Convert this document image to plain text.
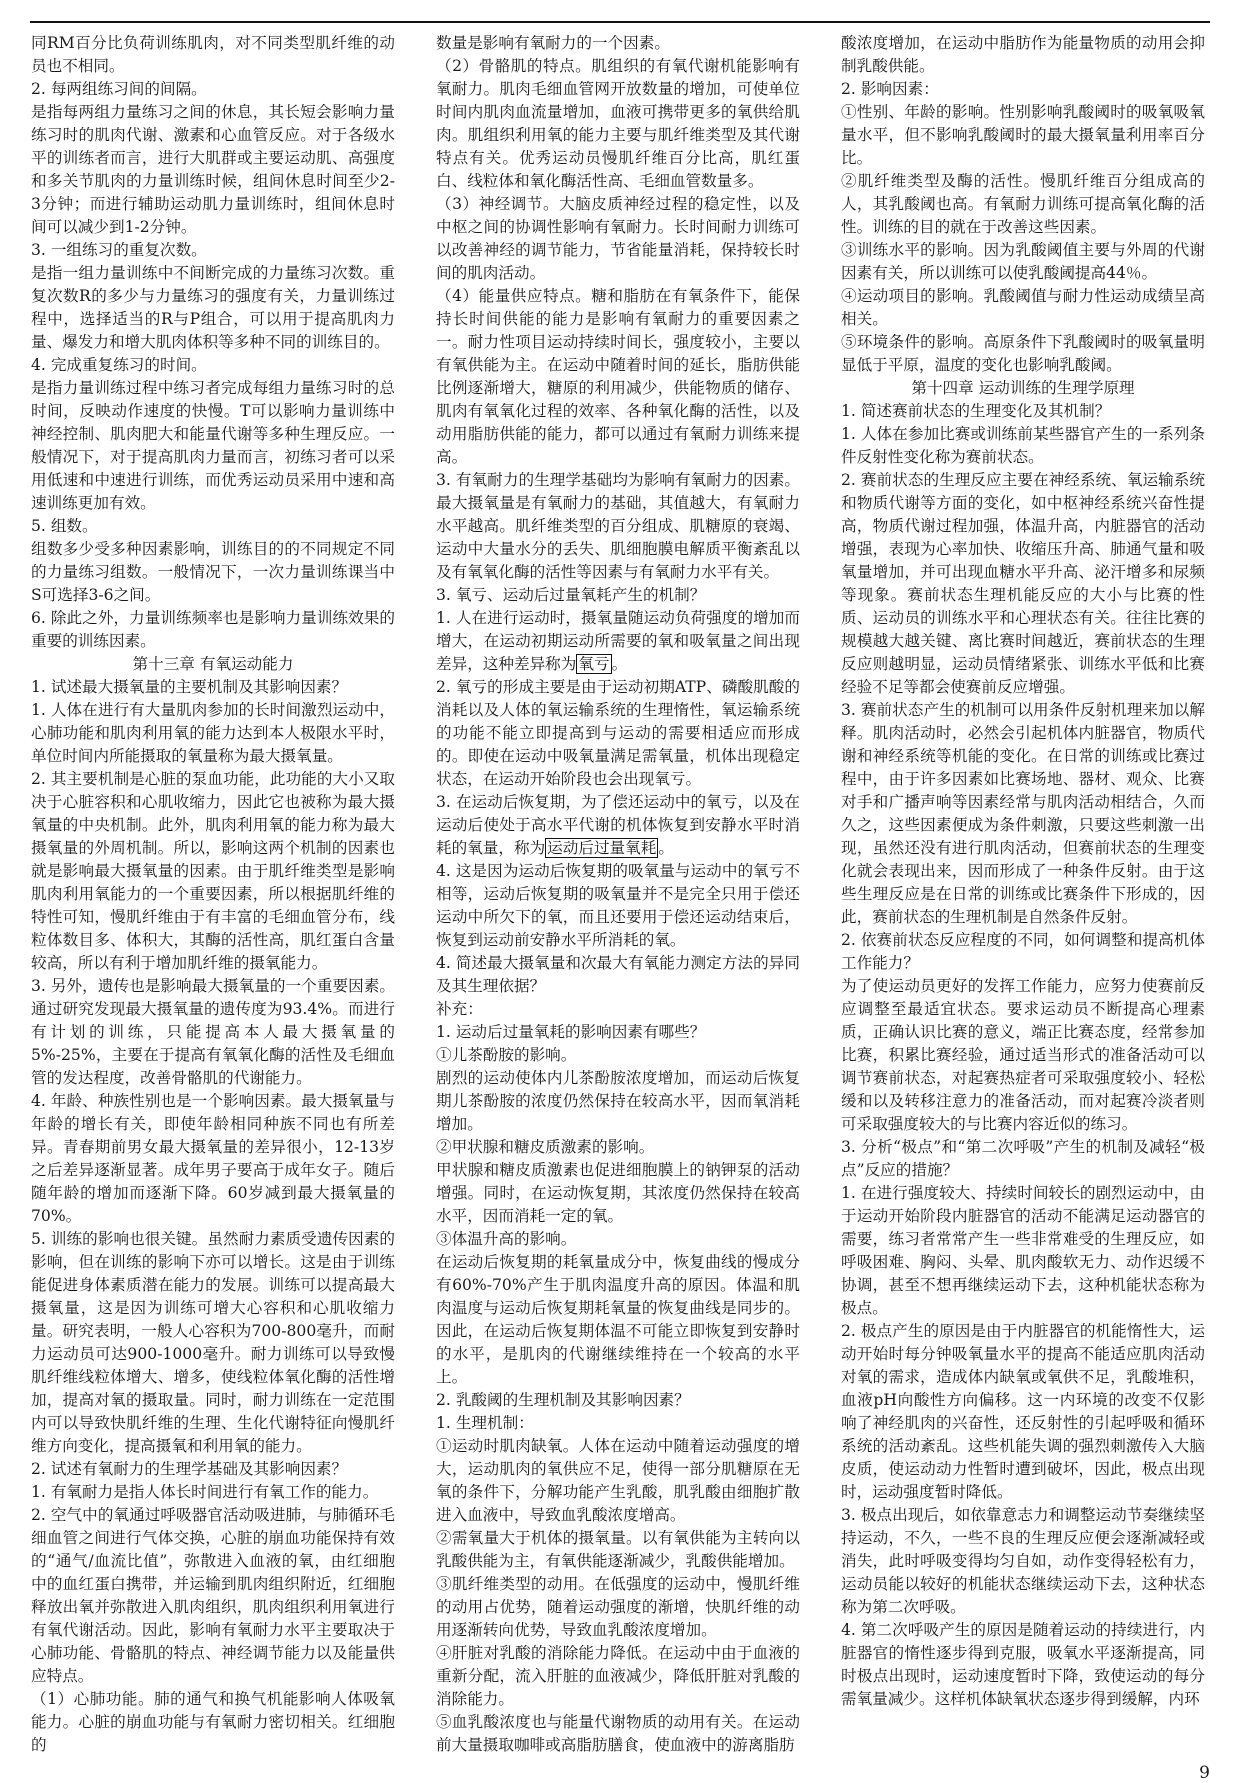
同RM百分比负荷训练肌肉，对不同类型肌纤维的动员也不相同。

2. 每两组练习间的间隔。

是指每两组力量练习之间的休息，其长短会影响力量练习时的肌肉代谢、激素和心血管反应。对于各级水平的训练者而言，进行大肌群或主要运动肌、高强度和多关节肌肉的力量训练时候，组间休息时间至少2-3分钟；而进行辅助运动肌力量训练时，组间休息时间可以减少到1-2分钟。

3. 一组练习的重复次数。

是指一组力量训练中不间断完成的力量练习次数。重复次数R的多少与力量练习的强度有关，力量训练过程中，选择适当的R与P组合，可以用于提高肌肉力量、爆发力和增大肌肉体积等多种不同的训练目的。

4. 完成重复练习的时间。

是指力量训练过程中练习者完成每组力量练习时的总时间，反映动作速度的快慢。T可以影响力量训练中神经控制、肌肉肥大和能量代谢等多种生理反应。一般情况下，对于提高肌肉力量而言，初练习者可以采用低速和中速进行训练，而优秀运动员采用中速和高速训练更加有效。

5. 组数。

组数多少受多种因素影响，训练目的的不同规定不同的力量练习组数。一般情况下，一次力量训练课当中S可选择3-6之间。

6. 除此之外，力量训练频率也是影响力量训练效果的重要的训练因素。

第十三章 有氧运动能力

1. 试述最大摄氧量的主要机制及其影响因素？

1. 人体在进行有大量肌肉参加的长时间激烈运动中，心肺功能和肌肉利用氧的能力达到本人极限水平时，单位时间内所能摄取的氧量称为最大摄氧量。

2. 其主要机制是心脏的泵血功能，此功能的大小又取决于心脏容积和心肌收缩力，因此它也被称为最大摄氧量的中央机制。此外，肌肉利用氧的能力称为最大摄氧量的外周机制。所以，影响这两个机制的因素也就是影响最大摄氧量的因素。由于肌纤维类型是影响肌肉利用氧能力的一个重要因素，所以根据肌纤维的特性可知，慢肌纤维由于有丰富的毛细血管分布，线粒体数目多、体积大，其酶的活性高，肌红蛋白含量较高，所以有利于增加肌纤维的摄氧能力。

3. 另外，遗传也是影响最大摄氧量的一个重要因素。通过研究发现最大摄氧量的遗传度为93.4%。而进行有计划的训练，只能提高本人最大摄氧量的5%-25%，主要在于提高有氧氧化酶的活性及毛细血管的发达程度，改善骨骼肌的代谢能力。

4. 年龄、种族性别也是一个影响因素。最大摄氧量与年龄的增长有关，即使年龄相同种族不同也有所差异。青春期前男女最大摄氧量的差异很小，12-13岁之后差异逐渐显著。成年男子要高于成年女子。随后随年龄的增加而逐渐下降。60岁减到最大摄氧量的70%。

5. 训练的影响也很关键。虽然耐力素质受遗传因素的影响，但在训练的影响下亦可以增长。这是由于训练能促进身体素质潜在能力的发展。训练可以提高最大摄氧量，这是因为训练可增大心容积和心肌收缩力量。研究表明，一般人心容积为700-800毫升，而耐力运动员可达900-1000毫升。耐力训练可以导致慢肌纤维线粒体增大、增多，使线粒体氧化酶的活性增加，提高对氧的摄取量。同时，耐力训练在一定范围内可以导致快肌纤维的生理、生化代谢特征向慢肌纤维方向变化，提高摄氧和利用氧的能力。

2. 试述有氧耐力的生理学基础及其影响因素？

1. 有氧耐力是指人体长时间进行有氧工作的能力。

2. 空气中的氧通过呼吸器官活动吸进肺，与肺循环毛细血管之间进行气体交换，心脏的崩血功能保持有效的“通气/血流比值”，弥散进入血液的氧，由红细胞中的血红蛋白携带，并运输到肌肉组织附近，红细胞释放出氧并弥散进入肌肉组织，肌肉组织利用氧进行有氧代谢活动。因此，影响有氧耐力水平主要取决于心肺功能、骨骼肌的特点、神经调节能力以及能量供应特点。

（1）心肺功能。肺的通气和换气机能影响人体吸氧能力。心脏的崩血功能与有氧耐力密切相关。红细胞的

数量是影响有氧耐力的一个因素。

（2）骨骼肌的特点。肌组织的有氧代谢机能影响有氧耐力。肌肉毛细血管网开放数量的增加，可使单位时间内肌肉血流量增加，血液可携带更多的氧供给肌肉。肌组织利用氧的能力主要与肌纤维类型及其代谢特点有关。优秀运动员慢肌纤维百分比高，肌红蛋白、线粒体和氧化酶活性高、毛细血管数量多。

（3）神经调节。大脑皮质神经过程的稳定性，以及中枢之间的协调性影响有氧耐力。长时间耐力训练可以改善神经的调节能力，节省能量消耗，保持较长时间的肌肉活动。

（4）能量供应特点。糖和脂肪在有氧条件下，能保持长时间供能的能力是影响有氧耐力的重要因素之一。耐力性项目运动持续时间长，强度较小，主要以有氧供能为主。在运动中随着时间的延长，脂肪供能比例逐渐增大，糖原的利用减少，供能物质的储存、肌肉有氧氧化过程的效率、各种氧化酶的活性，以及动用脂肪供能的能力，都可以通过有氧耐力训练来提高。

3. 有氧耐力的生理学基础均为影响有氧耐力的因素。最大摄氧量是有氧耐力的基础，其值越大，有氧耐力水平越高。肌纤维类型的百分组成、肌糖原的衰竭、运动中大量水分的丢失、肌细胞膜电解质平衡紊乱以及有氧氧化酶的活性等因素与有氧耐力水平有关。

3. 氧亏、运动后过量氧耗产生的机制？

1. 人在进行运动时，摄氧量随运动负荷强度的增加而增大，在运动初期运动所需要的氧和吸氧量之间出现差异，这种差异称为 氧亏 。

2. 氧亏的形成主要是由于运动初期ATP、磷酸肌酸的消耗以及人体的氧运输系统的生理惰性，氧运输系统的功能不能立即提高到与运动的需要相适应而形成的。即使在运动中吸氧量满足需氧量，机体出现稳定状态，在运动开始阶段也会出现氧亏。

3. 在运动后恢复期，为了偿还运动中的氧亏，以及在运动后使处于高水平代谢的机体恢复到安静水平时消耗的氧量，称为 运动后过量氧耗 。

4. 这是因为运动后恢复期的吸氧量与运动中的氧亏不相等，运动后恢复期的吸氧量并不是完全只用于偿还运动中所欠下的氧，而且还要用于偿还运动结束后，恢复到运动前安静水平所消耗的氧。

4. 简述最大摄氧量和次最大有氧能力测定方法的异同及其生理依据？

补充：

1. 运动后过量氧耗的影响因素有哪些？

①儿茶酚胺的影响。

剧烈的运动使体内儿茶酚胺浓度增加，而运动后恢复期儿茶酚胺的浓度仍然保持在较高水平，因而氧消耗增加。

②甲状腺和糖皮质激素的影响。

甲状腺和糖皮质激素也促进细胞膜上的钠钾泵的活动增强。同时，在运动恢复期，其浓度仍然保持在较高水平，因而消耗一定的氧。

③体温升高的影响。

在运动后恢复期的耗氧量成分中，恢复曲线的慢成分有60%-70%产生于肌肉温度升高的原因。体温和肌肉温度与运动后恢复期耗氧量的恢复曲线是同步的。因此，在运动后恢复期体温不可能立即恢复到安静时的水平，是肌肉的代谢继续维持在一个较高的水平上。

2. 乳酸阈的生理机制及其影响因素？

1. 生理机制：

①运动时肌肉缺氧。人体在运动中随着运动强度的增大，运动肌肉的氧供应不足，使得一部分肌糖原在无氧的条件下，分解功能产生乳酸，肌乳酸由细胞扩散进入血液中，导致血乳酸浓度增高。

②需氧量大于机体的摄氧量。以有氧供能为主转向以乳酸供能为主，有氧供能逐渐减少，乳酸供能增加。

③肌纤维类型的动用。在低强度的运动中，慢肌纤维的动用占优势，随着运动强度的渐增，快肌纤维的动用逐渐转向优势，导致血乳酸浓度增加。

④肝脏对乳酸的消除能力降低。在运动中由于血液的重新分配，流入肝脏的血液减少，降低肝脏对乳酸的消除能力。

⑤血乳酸浓度也与能量代谢物质的动用有关。在运动前大量摄取咖啡或高脂肪膳食，使血液中的游离脂肪

酸浓度增加，在运动中脂肪作为能量物质的动用会抑制乳酸供能。

2. 影响因素：

①性别、年龄的影响。性别影响乳酸阈时的吸氧吸氧量水平，但不影响乳酸阈时的最大摄氧量利用率百分比。

②肌纤维类型及酶的活性。慢肌纤维百分组成高的人，其乳酸阈也高。有氧耐力训练可提高氧化酶的活性。训练的目的就在于改善这些因素。

③训练水平的影响。因为乳酸阈值主要与外周的代谢因素有关，所以训练可以使乳酸阈提高44％。

④运动项目的影响。乳酸阈值与耐力性运动成绩呈高相关。

⑤环境条件的影响。高原条件下乳酸阈时的吸氧量明显低于平原，温度的变化也影响乳酸阈。

第十四章 运动训练的生理学原理

1. 简述赛前状态的生理变化及其机制？

1. 人体在参加比赛或训练前某些器官产生的一系列条件反射性变化称为赛前状态。

2. 赛前状态的生理反应主要在神经系统、氧运输系统和物质代谢等方面的变化，如中枢神经系统兴奋性提高，物质代谢过程加强，体温升高，内脏器官的活动增强，表现为心率加快、收缩压升高、肺通气量和吸氧量增加，并可出现血糖水平升高、泌汗增多和尿频等现象。赛前状态生理机能反应的大小与比赛的性质、运动员的训练水平和心理状态有关。往往比赛的规模越大越关键、离比赛时间越近，赛前状态的生理反应则越明显，运动员情绪紧张、训练水平低和比赛经验不足等都会使赛前反应增强。

3. 赛前状态产生的机制可以用条件反射机理来加以解释。肌肉活动时，必然会引起机体内脏器官，物质代谢和神经系统等机能的变化。在日常的训练或比赛过程中，由于许多因素如比赛场地、器材、观众、比赛对手和广播声响等因素经常与肌肉活动相结合，久而久之，这些因素便成为条件刺激，只要这些刺激一出现，虽然还没有进行肌肉活动，但赛前状态的生理变化就会表现出来，因而形成了一种条件反射。由于这些生理反应是在日常的训练或比赛条件下形成的，因此，赛前状态的生理机制是自然条件反射。

2. 依赛前状态反应程度的不同，如何调整和提高机体工作能力？

为了使运动员更好的发挥工作能力，应努力使赛前反应调整至最适宜状态。要求运动员不断提高心理素质，正确认识比赛的意义，端正比赛态度，经常参加比赛，积累比赛经验，通过适当形式的准备活动可以调节赛前状态，对起赛热症者可采取强度较小、轻松缓和以及转移注意力的准备活动，而对起赛冷淡者则可采取强度较大的与比赛内容近似的练习。

3. 分析“极点”和“第二次呼吸”产生的机制及减轻“极点”反应的措施？

1. 在进行强度较大、持续时间较长的剧烈运动中，由于运动开始阶段内脏器官的活动不能满足运动器官的需要，练习者常常产生一些非常难受的生理反应，如呼吸困难、胸闷、头晕、肌肉酸软无力、动作迟缓不协调，甚至不想再继续运动下去，这种机能状态称为极点。

2. 极点产生的原因是由于内脏器官的机能惰性大，运动开始时每分钟吸氧量水平的提高不能适应肌肉活动对氧的需求，造成体内缺氧或氧供不足，乳酸堆积，血液pH向酸性方向偏移。这一内环境的改变不仅影响了神经肌肉的兴奋性，还反射性的引起呼吸和循环系统的活动紊乱。这些机能失调的强烈刺激传入大脑皮质，使运动动力性暂时遭到破坏，因此，极点出现时，运动强度暂时降低。

3. 极点出现后，如依靠意志力和调整运动节奏继续坚持运动，不久，一些不良的生理反应便会逐渐减轻或消失，此时呼吸变得均匀自如，动作变得轻松有力，运动员能以较好的机能状态继续运动下去，这种状态称为第二次呼吸。

4. 第二次呼吸产生的原因是随着运动的持续进行，内脏器官的惰性逐步得到克服，吸氧水平逐渐提高，同时极点出现时，运动速度暂时下降，致使运动的每分需氧量减少。这样机体缺氧状态逐步得到缓解，内环

9
